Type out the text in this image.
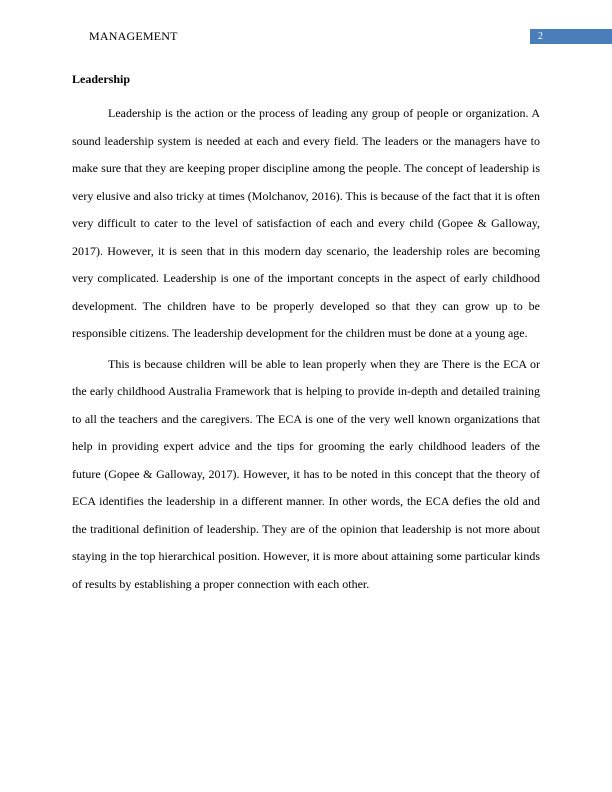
MANAGEMENT	2
Leadership

Leadership is the action or the process of leading any group of people or organization. A sound leadership system is needed at each and every field. The leaders or the managers have to make sure that they are keeping proper discipline among the people. The concept of leadership is very elusive and also tricky at times (Molchanov, 2016). This is because of the fact that it is often very difficult to cater to the level of satisfaction of each and every child (Gopee & Galloway, 2017). However, it is seen that in this modern day scenario, the leadership roles are becoming very complicated. Leadership is one of the important concepts in the aspect of early childhood development. The children have to be properly developed so that they can grow up to be responsible citizens. The leadership development for the children must be done at a young age.

This is because children will be able to lean properly when they are There is the ECA or the early childhood Australia Framework that is helping to provide in-depth and detailed training to all the teachers and the caregivers. The ECA is one of the very well known organizations that help in providing expert advice and the tips for grooming the early childhood leaders of the future (Gopee & Galloway, 2017). However, it has to be noted in this concept that the theory of ECA identifies the leadership in a different manner. In other words, the ECA defies the old and the traditional definition of leadership. They are of the opinion that leadership is not more about staying in the top hierarchical position. However, it is more about attaining some particular kinds of results by establishing a proper connection with each other.
